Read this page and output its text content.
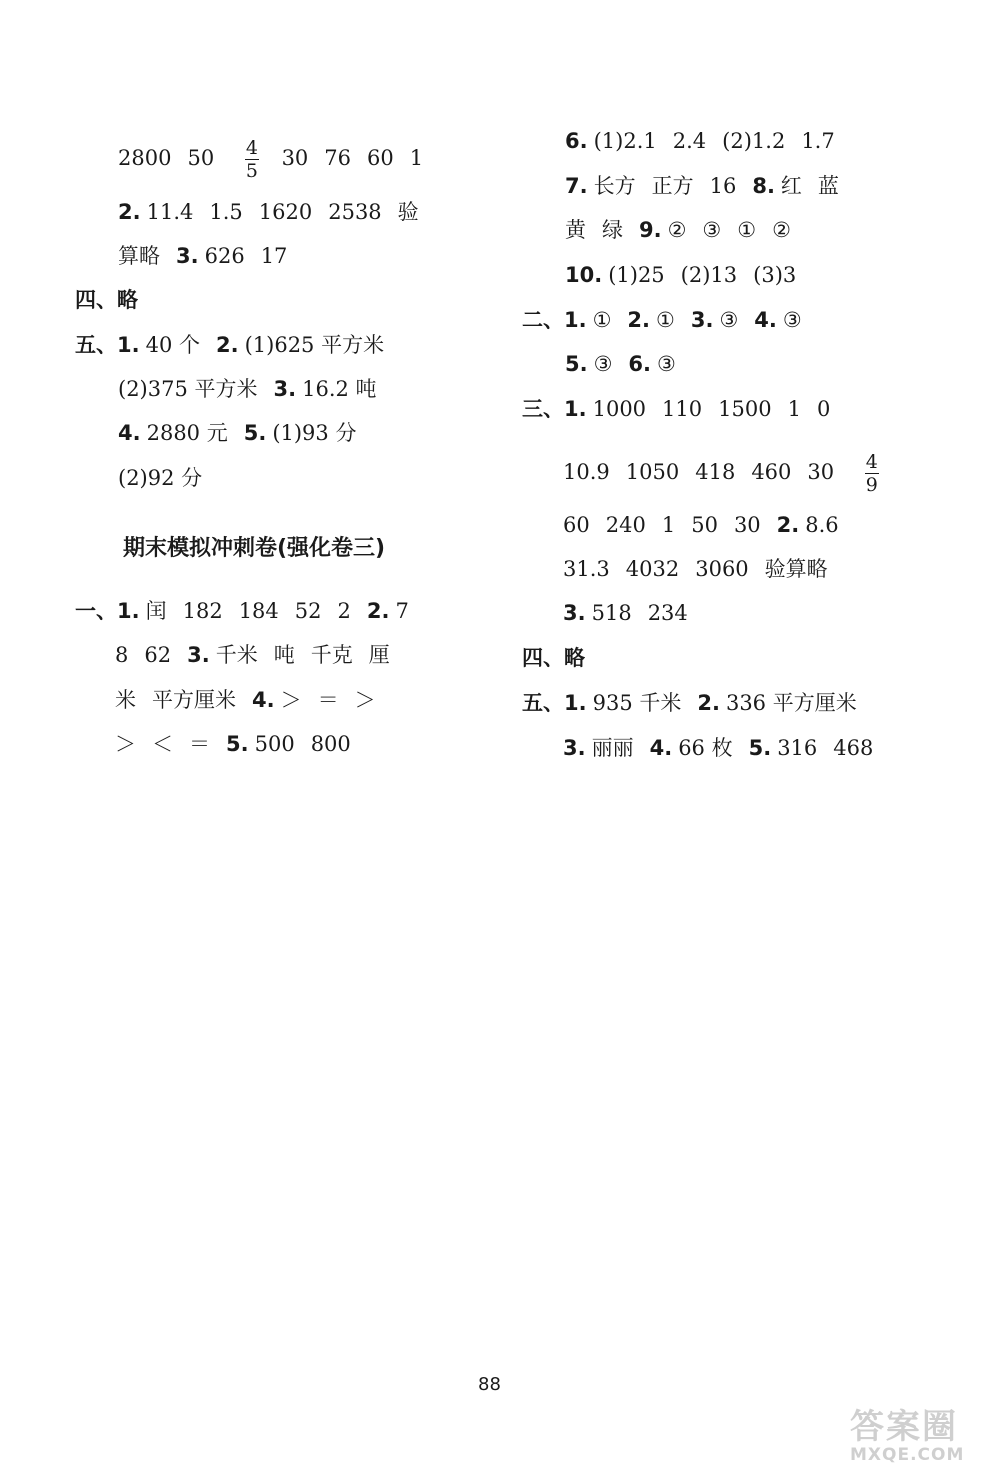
2800 $50 \frac{4}{5} 30$ 76 60 1
2. 11.4 1.5 1620 2538 验
算略 3. 626 17
四、略
五、1. 40 个 2. (1)625 平方米
(2)375 平方米 3. 16.2 吨
4. 2880 元 5. (1)93 分
(2)92 分
期末模拟冲刺卷(强化卷三)
一、1. 闰 182 184 52 2 2. 7
8 62 3. 千米 吨 千克 厘
米 平方厘米 4. ＞ ＝ ＞
＞ ＜ ＝ 5. 500 800
6. (1)2.1 2.4 (2)1.2 1.7
7. 长方 正方 16 8. 红 蓝
黄 绿 9. ② ③ ① ②
10. (1)25 (2)13 (3)3
二、1. ① 2. ① 3. ③ 4. ③
5. ③ 6. ③
三、1. 1000 110 1500 1 0
10.9 1050 418 460 $30 \frac{4}{9}$
60 240 1 50 30 2. 8.6
31.3 4032 3060 验算略
3. 518 234
四、略
五、1. 935 千米 2. 336 平方厘米
3. 丽丽 4. 66 枚 5. 316 468
88
答案圈
MXQE.COM
